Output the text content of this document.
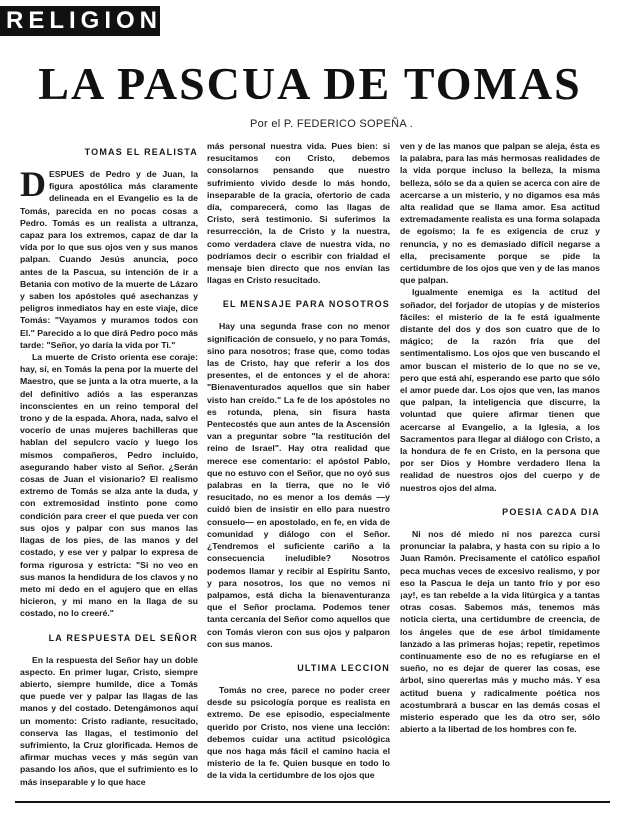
RELIGION
LA PASCUA DE TOMAS
Por el P. FEDERICO SOPEÑA .
TOMAS EL REALISTA

DESPUES de Pedro y de Juan, la figura apostólica más claramente delineada en el Evangelio es la de Tomás, parecida en no pocas cosas a Pedro. Tomás es un realista a ultranza, capaz para los extremos, capaz de dar la vida por lo que sus ojos ven y sus manos palpan. Cuando Jesús anuncia, poco antes de la Pascua, su intención de ir a Betania con motivo de la muerte de Lázaro y saben los apóstoles qué asechanzas y peligros inmediatos hay en este viaje, dice Tomás: "Vayamos y muramos todos con El." Parecido a lo que dirá Pedro poco más tarde: "Señor, yo daría la vida por Ti."

La muerte de Cristo orienta ese coraje: hay, sí, en Tomás la pena por la muerte del Maestro, que se junta a la otra muerte, a la del definitivo adiós a las esperanzas inconscientes en un reino temporal del trono y de la espada. Ahora, nada, salvo el vocerío de unas mujeres bachilleras que hablan del sepulcro vacío y luego los mismos compañeros, Pedro incluido, asegurando haber visto al Señor. ¿Serán cosas de Juan el visionario? El realismo extremo de Tomás se alza ante la duda, y con extremosidad instinto pone como condición para creer el que pueda ver con sus ojos y palpar con sus manos las llagas de los pies, de las manos y del costado, y ese ver y palpar lo expresa de forma rigurosa y estricta: "Si no veo en sus manos la hendidura de los clavos y no meto mi dedo en el agujero que en ellas hicieron, y mi mano en la llaga de su costado, no lo creeré."

LA RESPUESTA DEL SEÑOR

En la respuesta del Señor hay un doble aspecto. En primer lugar, Cristo, siempre abierto, siempre humilde, dice a Tomás que puede ver y palpar las llagas de las manos y del costado. Detengámonos aquí un momento: Cristo radiante, resucitado, conserva las llagas, el testimonio del sufrimiento, la Cruz glorificada. Hemos de afirmar muchas veces y más según van pasando los años, que el sufrimiento es lo más inseparable y lo que hace

más personal nuestra vida. Pues bien: si resucitamos con Cristo, debemos consolarnos pensando que nuestro sufrimiento vivido desde lo más hondo, inseparable de la gracia, ofertorio de cada día, comparecerá, como las llagas de Cristo, será testimonio. Si suferimos la resurrección, la de Cristo y la nuestra, como verdadera clave de nuestra vida, no podríamos decir o escribir con frialdad el mensaje bien directo que nos envían las llagas en Cristo resucitado.

EL MENSAJE PARA NOSOTROS

Hay una segunda frase con no menor significación de consuelo, y no para Tomás, sino para nosotros; frase que, como todas las de Cristo, hay que referir a los dos presentes, el de entonces y el de ahora: "Bienaventurados aquellos que sin haber visto han creído." La fe de los apóstoles no es rotunda, plena, sin fisura hasta Pentecostés que aun antes de la Ascensión van a preguntar sobre "la restitución del reino de Israel". Hay otra realidad que merece ese comentario: el apóstol Pablo, que no estuvo con el Señor, que no oyó sus palabras en la tierra, que no le vió resucitado, no es menor a los demás —y cuidó bien de insistir en ello para nuestro consuelo— en apostolado, en fe, en vida de comunidad y diálogo con el Señor. ¿Tendremos el suficiente cariño a la consecuencia ineludible? Nosotros podemos llamar y recibir al Espíritu Santo, y para nosotros, los que no vemos ni palpamos, está dicha la bienaventuranza que el Señor proclama. Podemos tener tanta cercanía del Señor como aquellos que con Tomás vieron con sus ojos y palparon con sus manos.

ULTIMA LECCION

Tomás no cree, parece no poder creer desde su psicología porque es realista en extremo. De ese episodio, especialmente querido por Cristo, nos viene una lección: debemos cuidar una actitud psicológica que nos haga más fácil el camino hacia el misterio de la fe. Quien busque en todo lo de la vida la certidumbre de los ojos que

ven y de las manos que palpan se aleja, ésta es la palabra, para las más hermosas realidades de la vida porque incluso la belleza, la misma belleza, sólo se da a quien se acerca con aire de acercarse a un misterio, y no digamos esa más alta realidad que se llama amor. Esa actitud extremadamente realista es una forma solapada de egoísmo; la fe es exigencia de cruz y renuncia, y no es demasiado difícil negarse a ella, precisamente porque se pide la certidumbre de los ojos que ven y de las manos que palpan.

Igualmente enemiga es la actitud del soñador, del forjador de utopías y de misterios fáciles: el misterio de la fe está igualmente distante del dos y dos son cuatro que de lo mágico; de la razón fría que del sentimentalismo. Los ojos que ven buscando el amor buscan el misterio de lo que no se ve, pero que está ahí, esperando ese parto que sólo el amor puede dar. Los ojos que ven, las manos que palpan, la inteligencia que discurre, la voluntad que quiere afirmar tienen que acercarse al Evangelio, a la Iglesia, a los Sacramentos para llegar al diálogo con Cristo, a la hondura de fe en Cristo, en la persona que por ser Dios y Hombre verdadero llena la realidad de nuestros ojos del cuerpo y de nuestros ojos del alma.

POESIA CADA DIA

Ni nos dé miedo ni nos parezca cursi pronunciar la palabra, y hasta con su ripio a lo Juan Ramón. Precisamente el católico español peca muchas veces de excesivo realismo, y por eso la Pascua le deja un tanto frío y por eso ¡ay!, es tan rebelde a la vida litúrgica y a tantas otras cosas. Sabemos más, tenemos más noticia cierta, una certidumbre de creencia, de los ángeles que de ese árbol tímidamente lanzado a las primeras hojas; repetir, repetimos continuamente eso de no es refugiarse en el sueño, no es dejar de querer las cosas, ese árbol, sino quererlas más y mucho más. Y esa actitud buena y radicalmente poética nos acostumbrará a buscar en las demás cosas el misterio esperado que les da otro ser, sólo abierto a la libertad de los hombres con fe.
